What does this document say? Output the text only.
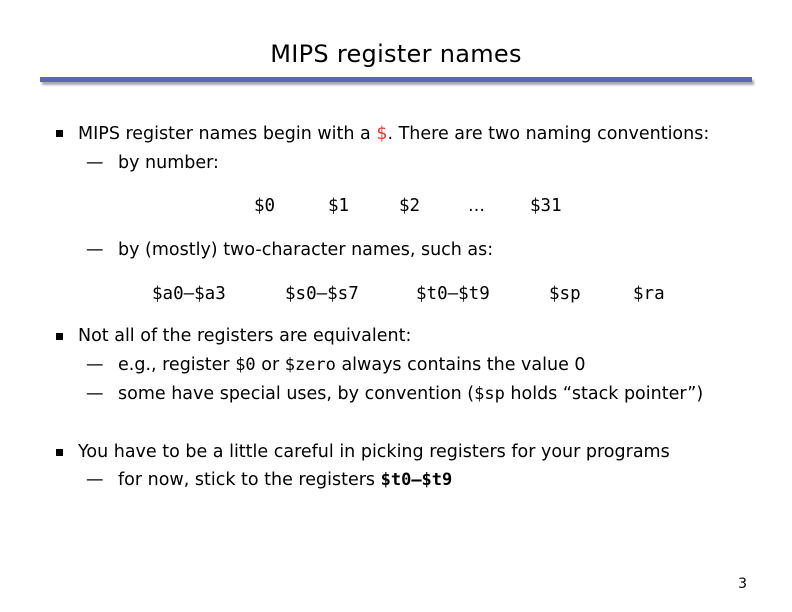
MIPS register names
MIPS register names begin with a $. There are two naming conventions:
— by number:
$0	$1	$2	…	$31
— by (mostly) two-character names, such as:
$a0–$a3	$s0–$s7	$t0–$t9	$sp	$ra
Not all of the registers are equivalent:
— e.g., register $0 or $zero always contains the value 0
— some have special uses, by convention ($sp holds “stack pointer”)
You have to be a little careful in picking registers for your programs
— for now, stick to the registers $t0–$t9
3
